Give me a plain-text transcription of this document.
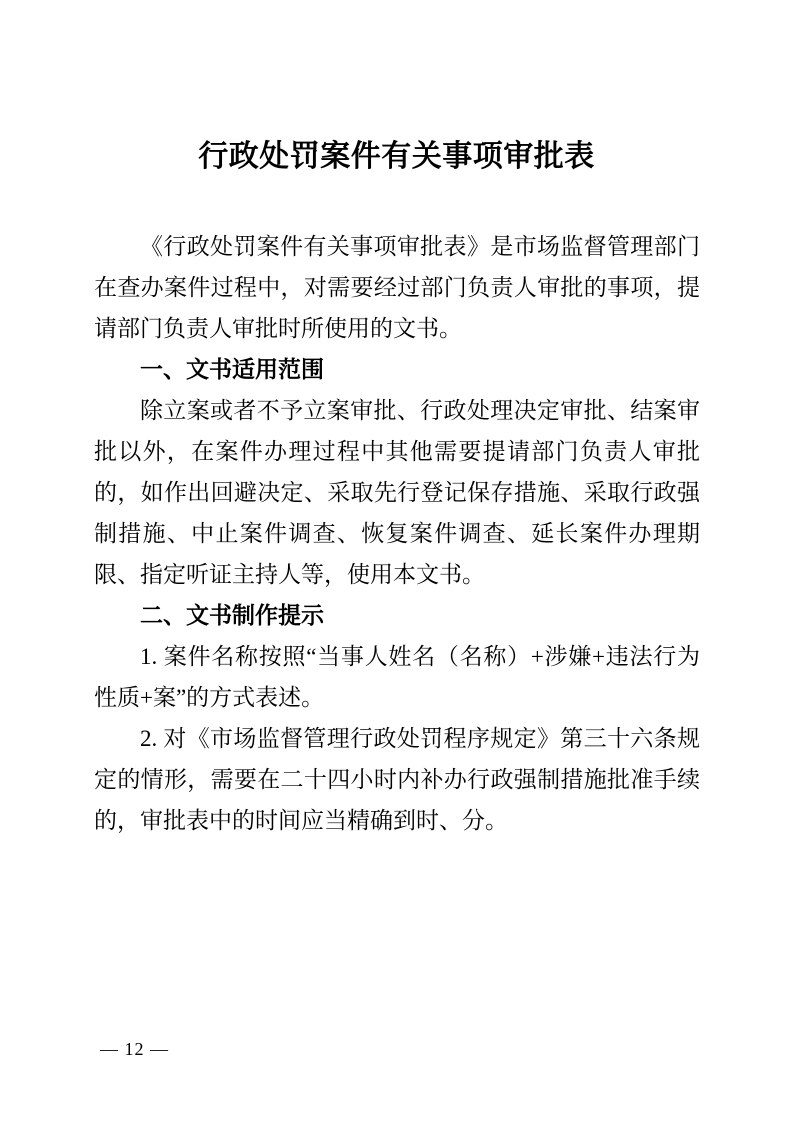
行政处罚案件有关事项审批表

《行政处罚案件有关事项审批表》是市场监督管理部门在查办案件过程中，对需要经过部门负责人审批的事项，提请部门负责人审批时所使用的文书。

一、文书适用范围

除立案或者不予立案审批、行政处理决定审批、结案审批以外，在案件办理过程中其他需要提请部门负责人审批的，如作出回避决定、采取先行登记保存措施、采取行政强制措施、中止案件调查、恢复案件调查、延长案件办理期限、指定听证主持人等，使用本文书。

二、文书制作提示

1. 案件名称按照“当事人姓名（名称）+涉嫌+违法行为性质+案”的方式表述。

2. 对《市场监督管理行政处罚程序规定》第三十六条规定的情形，需要在二十四小时内补办行政强制措施批准手续的，审批表中的时间应当精确到时、分。

— 12 —
